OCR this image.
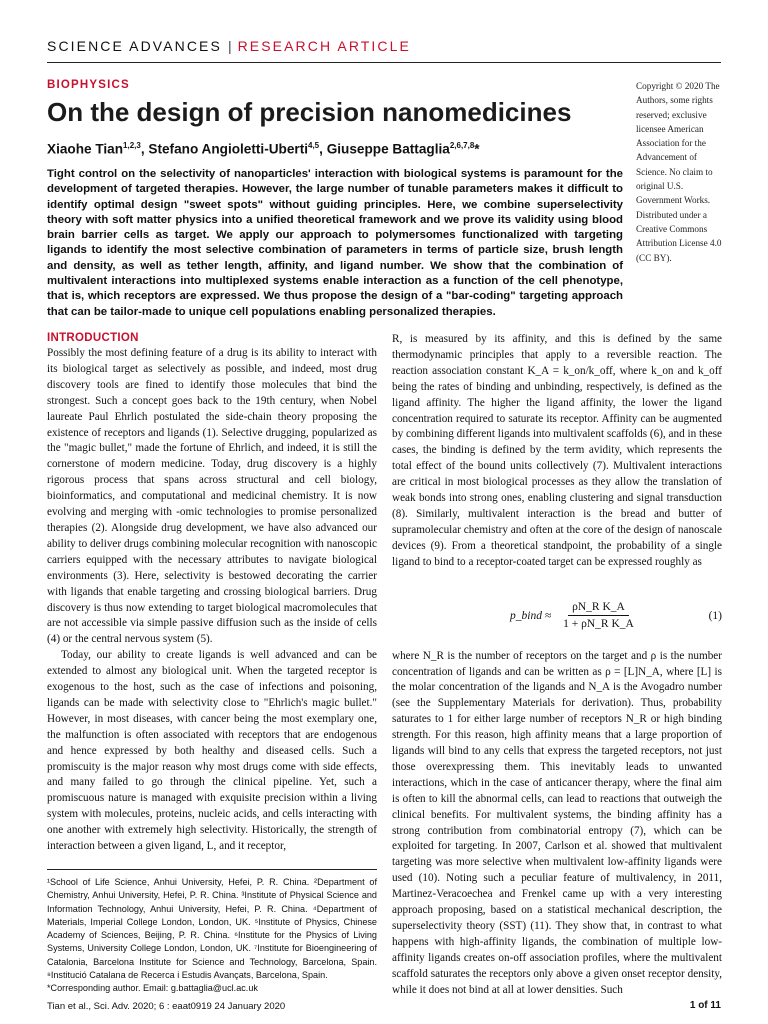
SCIENCE ADVANCES | RESEARCH ARTICLE
BIOPHYSICS
On the design of precision nanomedicines
Xiaohe Tian$^{1,2,3}$, Stefano Angioletti-Uberti$^{4,5}$, Giuseppe Battaglia$^{2,6,7,8}$*
Copyright © 2020 The Authors, some rights reserved; exclusive licensee American Association for the Advancement of Science. No claim to original U.S. Government Works. Distributed under a Creative Commons Attribution License 4.0 (CC BY).

Tight control on the selectivity of nanoparticles' interaction with biological systems is paramount for the development of targeted therapies. However, the large number of tunable parameters makes it difficult to identify optimal design "sweet spots" without guiding principles. Here, we combine superselectivity theory with soft matter physics into a unified theoretical framework and we prove its validity using blood brain barrier cells as target. We apply our approach to polymersomes functionalized with targeting ligands to identify the most selective combination of parameters in terms of particle size, brush length and density, as well as tether length, affinity, and ligand number. We show that the combination of multivalent interactions into multiplexed systems enable interaction as a function of the cell phenotype, that is, which receptors are expressed. We thus propose the design of a "bar-coding" targeting approach that can be tailor-made to unique cell populations enabling personalized therapies.

INTRODUCTION

Possibly the most defining feature of a drug is its ability to interact with its biological target as selectively as possible, and indeed, most drug discovery tools are fined to identify those molecules that bind the strongest. Such a concept goes back to the 19th century, when Nobel laureate Paul Ehrlich postulated the side-chain theory proposing the existence of receptors and ligands (1). Selective drugging, popularized as the "magic bullet," made the fortune of Ehrlich, and indeed, it is still the cornerstone of modern medicine. Today, drug discovery is a highly rigorous process that spans across structural and cell biology, bioinformatics, and computational and medicinal chemistry. It is now evolving and merging with -omic technologies to promise personalized therapies (2). Alongside drug development, we have also advanced our ability to deliver drugs combining molecular recognition with nanoscopic carriers equipped with the necessary attributes to navigate biological environments (3). Here, selectivity is bestowed decorating the carrier with ligands that enable targeting and crossing biological barriers. Drug discovery is thus now extending to target biological macromolecules that are not accessible via simple passive diffusion such as the inside of cells (4) or the central nervous system (5).

Today, our ability to create ligands is well advanced and can be extended to almost any biological unit. When the targeted receptor is exogenous to the host, such as the case of infections and poisoning, ligands can be made with selectivity close to "Ehrlich's magic bullet." However, in most diseases, with cancer being the most exemplary one, the malfunction is often associated with receptors that are endogenous and hence expressed by both healthy and diseased cells. Such a promiscuity is the major reason why most drugs come with side effects, and many failed to go through the clinical pipeline. Yet, such a promiscuous nature is managed with exquisite precision within a living system with molecules, proteins, nucleic acids, and cells interacting with one another with extremely high selectivity. Historically, the strength of interaction between a given ligand, L, and it receptor,

¹School of Life Science, Anhui University, Hefei, P. R. China. ²Department of Chemistry, Anhui University, Hefei, P. R. China. ³Institute of Physical Science and Information Technology, Anhui University, Hefei, P. R. China. ⁴Department of Materials, Imperial College London, London, UK. ⁵Institute of Physics, Chinese Academy of Sciences, Beijing, P. R. China. ⁶Institute for the Physics of Living Systems, University College London, London, UK. ⁷Institute for Bioengineering of Catalonia, Barcelona Institute for Science and Technology, Barcelona, Spain. ⁸Institució Catalana de Recerca i Estudis Avançats, Barcelona, Spain.
*Corresponding author. Email: g.battaglia@ucl.ac.uk

R, is measured by its affinity, and this is defined by the same thermodynamic principles that apply to a reversible reaction. The reaction association constant K_A = k_on/k_off, where k_on and k_off being the rates of binding and unbinding, respectively, is defined as the ligand affinity. The higher the ligand affinity, the lower the ligand concentration required to saturate its receptor. Affinity can be augmented by combining different ligands into multivalent scaffolds (6), and in these cases, the binding is defined by the term avidity, which represents the total effect of the bound units collectively (7). Multivalent interactions are critical in most biological processes as they allow the translation of weak bonds into strong ones, enabling clustering and signal transduction (8). Similarly, multivalent interaction is the bread and butter of supramolecular chemistry and often at the core of the design of nanoscale devices (9). From a theoretical standpoint, the probability of a single ligand to bind to a receptor-coated target can be expressed roughly as

p_bind ≈ $\frac{\text{ρN\_R K\_A}}{\text{1 + ρN\_R K\_A}}$	(1)

where N_R is the number of receptors on the target and ρ is the number concentration of ligands and can be written as ρ = [L]N_A, where [L] is the molar concentration of the ligands and N_A is the Avogadro number (see the Supplementary Materials for derivation). Thus, probability saturates to 1 for either large number of receptors N_R or high binding strength. For this reason, high affinity means that a large proportion of ligands will bind to any cells that express the targeted receptors, not just those overexpressing them. This inevitably leads to unwanted interactions, which in the case of anticancer therapy, where the final aim is often to kill the abnormal cells, can lead to reactions that outweigh the clinical benefits. For multivalent systems, the binding affinity has a strong contribution from combinatorial entropy (7), which can be exploited for targeting. In 2007, Carlson et al. showed that multivalent targeting was more selective when multivalent low-affinity ligands were used (10). Noting such a peculiar feature of multivalency, in 2011, Martinez-Veracoechea and Frenkel came up with a very interesting approach proposing, based on a statistical mechanical description, the superselectivity theory (SST) (11). They show that, in contrast to what happens with high-affinity ligands, the combination of multiple low-affinity ligands creates on-off association profiles, where the multivalent scaffold saturates the receptors only above a given onset receptor density, while it does not bind at all at lower densities. Such

Tian et al., Sci. Adv. 2020; 6 : eaat0919 24 January 2020	1 of 11
